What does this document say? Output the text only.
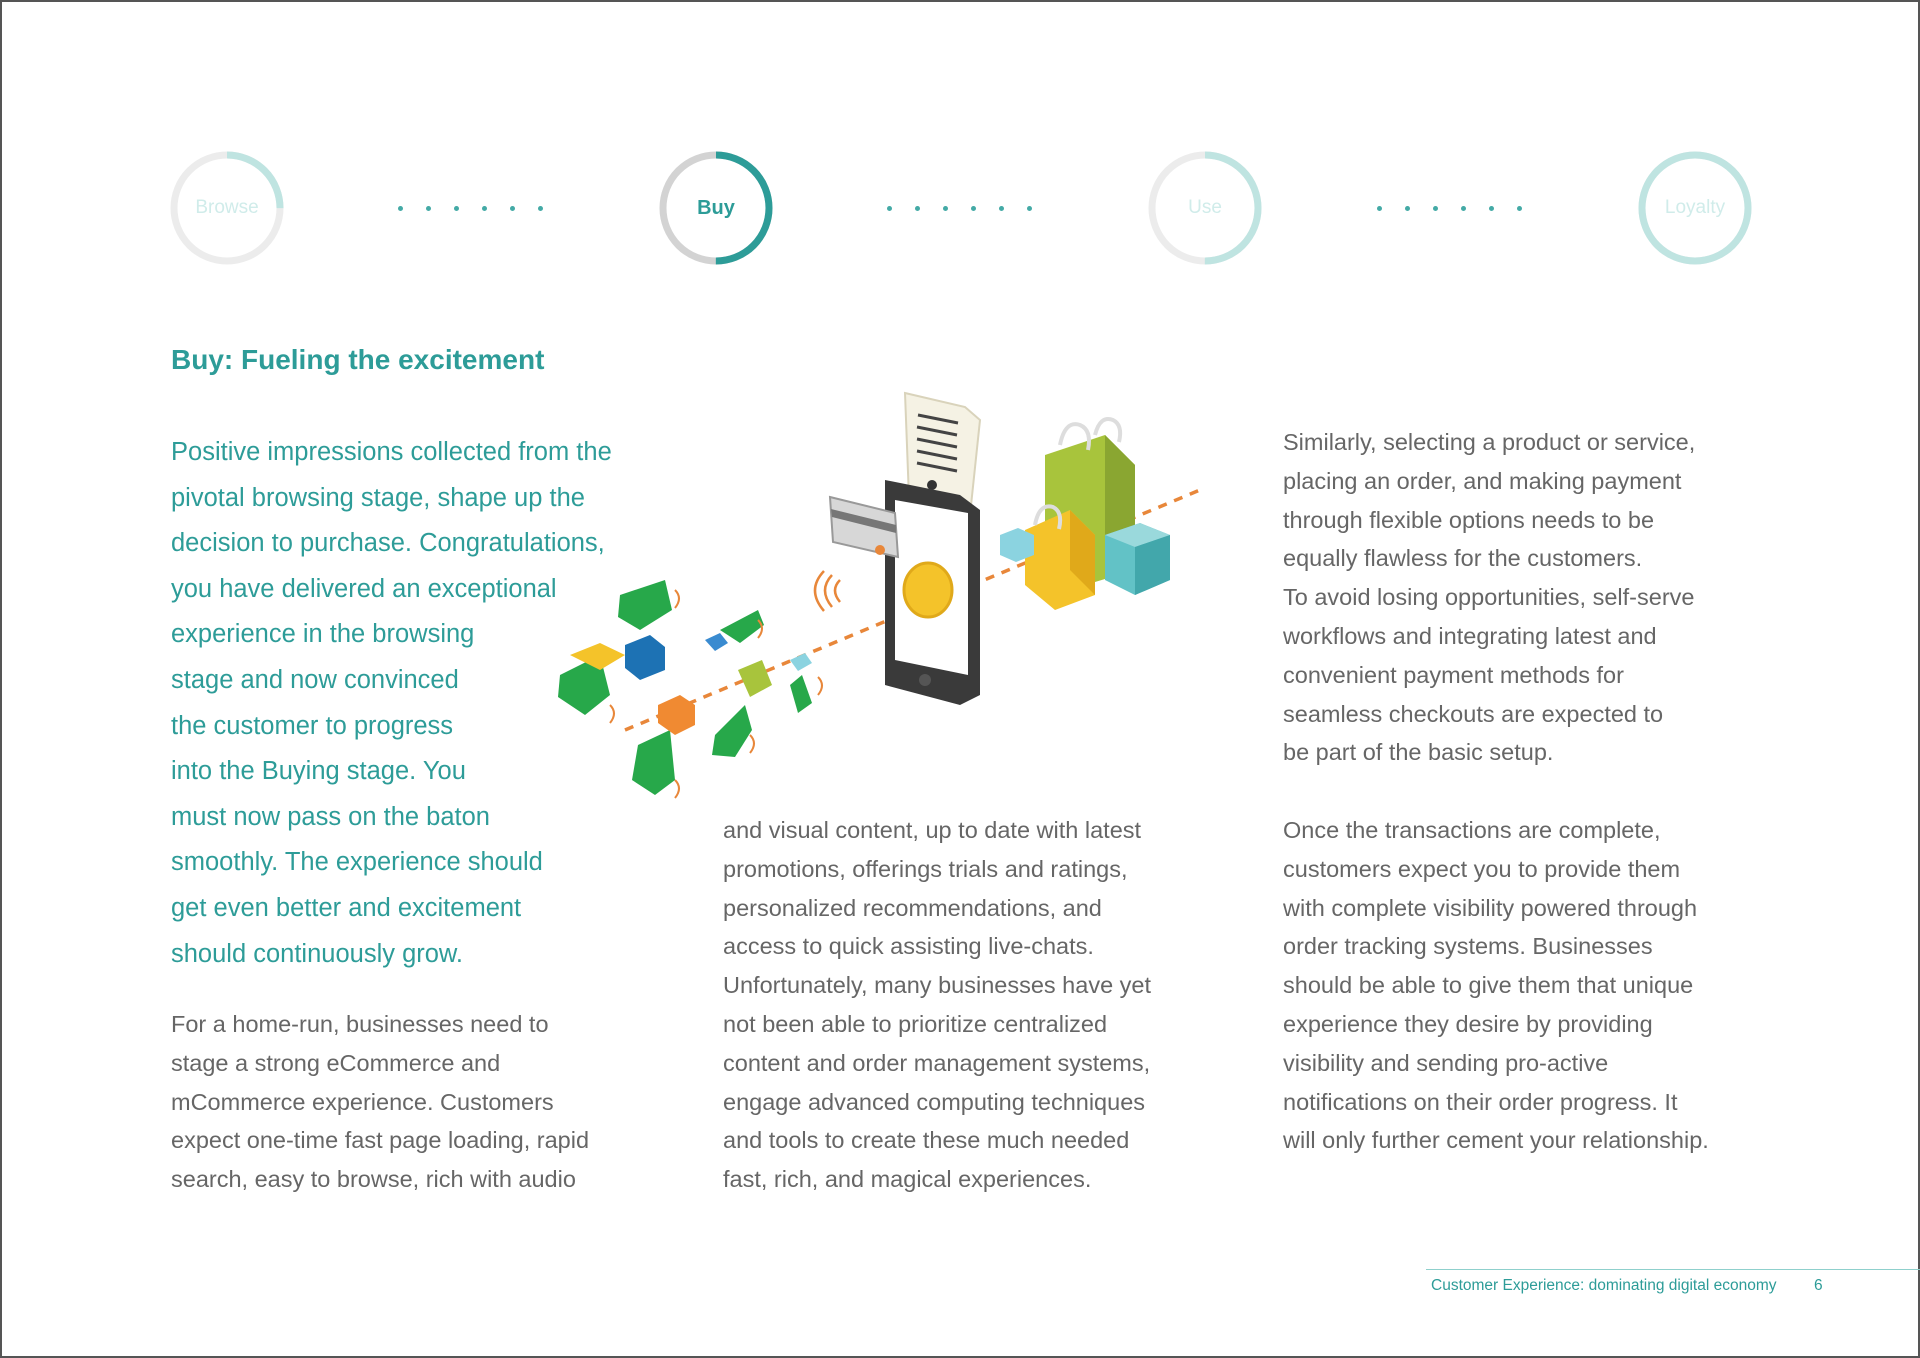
Browse	Buy	Use	Loyalty
Buy: Fueling the excitement
Positive impressions collected from the
pivotal browsing stage, shape up the
decision to purchase. Congratulations,
you have delivered an exceptional
experience in the browsing
stage and now convinced
the customer to progress
into the Buying stage. You
must now pass on the baton
smoothly. The experience should
get even better and excitement
should continuously grow.
For a home-run, businesses need to
stage a strong eCommerce and
mCommerce experience. Customers
expect one-time fast page loading, rapid
search, easy to browse, rich with audio
and visual content, up to date with latest
promotions, offerings trials and ratings,
personalized recommendations, and
access to quick assisting live-chats.
Unfortunately, many businesses have yet
not been able to prioritize centralized
content and order management systems,
engage advanced computing techniques
and tools to create these much needed
fast, rich, and magical experiences.
Similarly, selecting a product or service,
placing an order, and making payment
through flexible options needs to be
equally flawless for the customers.
To avoid losing opportunities, self-serve
workflows and integrating latest and
convenient payment methods for
seamless checkouts are expected to
be part of the basic setup.
Once the transactions are complete,
customers expect you to provide them
with complete visibility powered through
order tracking systems. Businesses
should be able to give them that unique
experience they desire by providing
visibility and sending pro-active
notifications on their order progress. It
will only further cement your relationship.
Customer Experience: dominating digital economy 6
